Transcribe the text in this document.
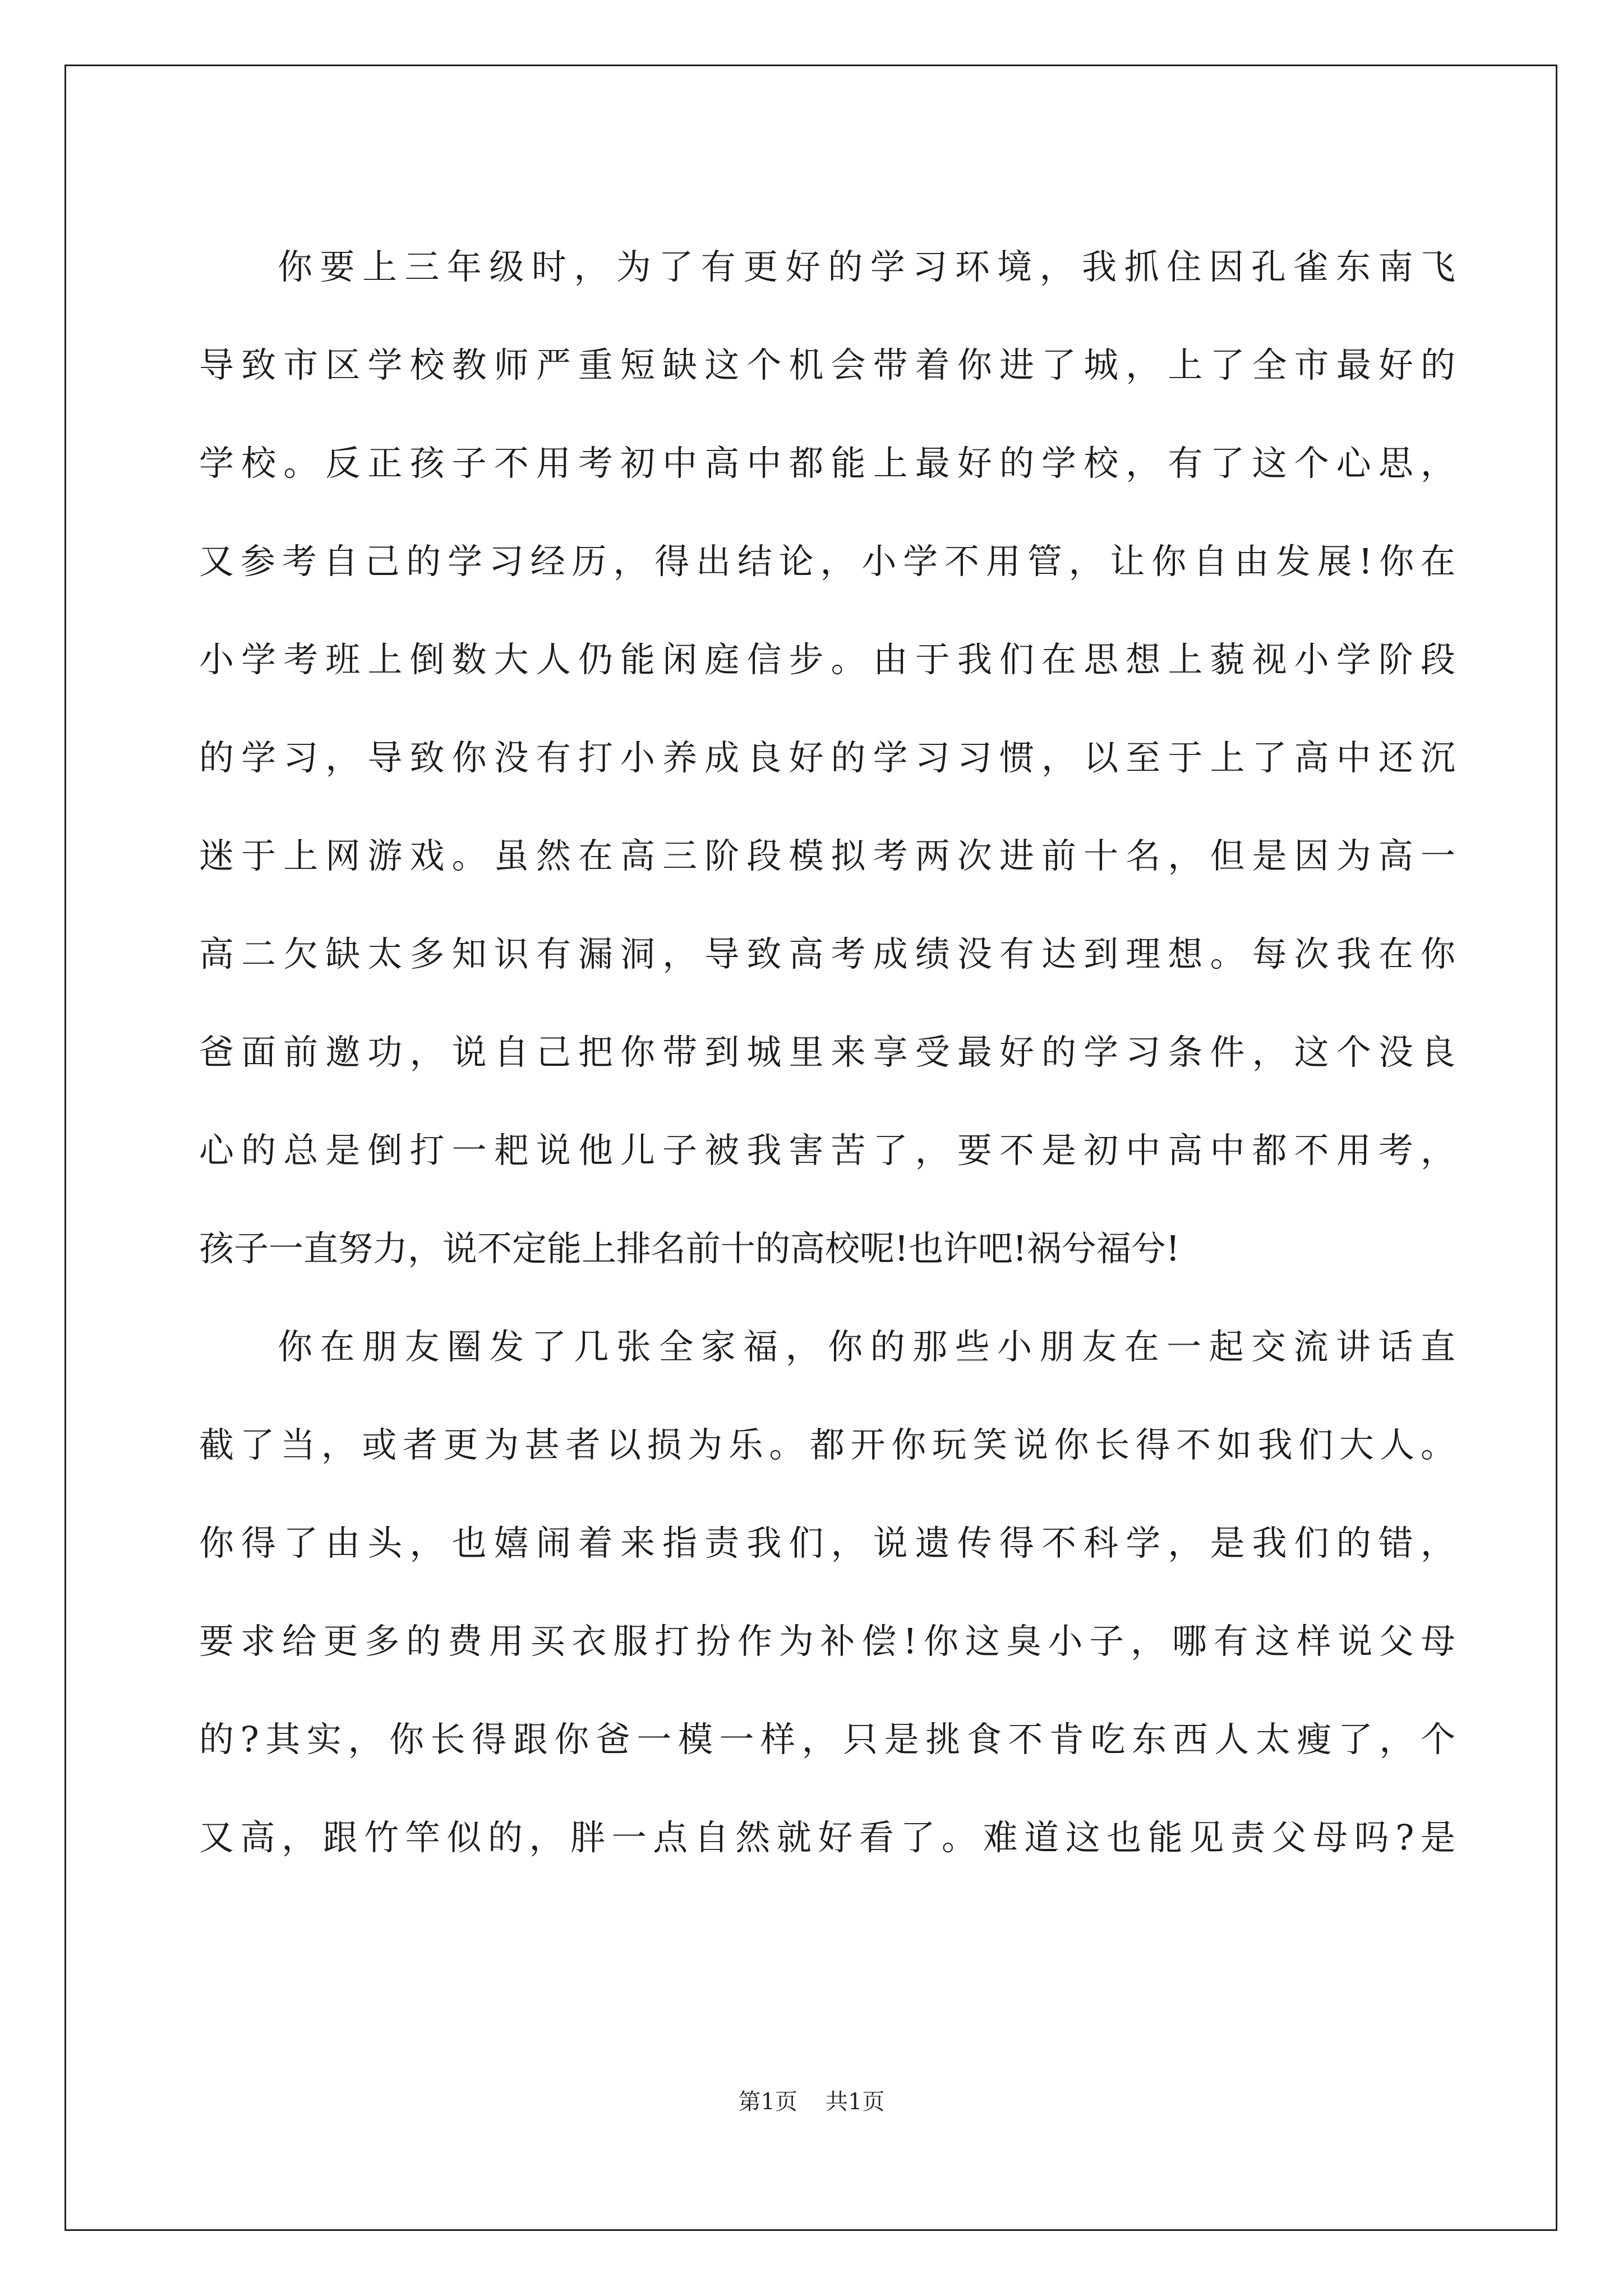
你要上三年级时，为了有更好的学习环境，我抓住因孔雀东南飞
导致市区学校教师严重短缺这个机会带着你进了城，上了全市最好的
学校。反正孩子不用考初中高中都能上最好的学校，有了这个心思，
又参考自己的学习经历，得出结论，小学不用管，让你自由发展!你在
小学考班上倒数大人仍能闲庭信步。由于我们在思想上藐视小学阶段
的学习，导致你没有打小养成良好的学习习惯，以至于上了高中还沉
迷于上网游戏。虽然在高三阶段模拟考两次进前十名，但是因为高一
高二欠缺太多知识有漏洞，导致高考成绩没有达到理想。每次我在你
爸面前邀功，说自己把你带到城里来享受最好的学习条件，这个没良
心的总是倒打一耙说他儿子被我害苦了，要不是初中高中都不用考，
孩子一直努力，说不定能上排名前十的高校呢!也许吧!祸兮福兮!
你在朋友圈发了几张全家福，你的那些小朋友在一起交流讲话直
截了当，或者更为甚者以损为乐。都开你玩笑说你长得不如我们大人。
你得了由头，也嬉闹着来指责我们，说遗传得不科学，是我们的错，
要求给更多的费用买衣服打扮作为补偿!你这臭小子，哪有这样说父母
的?其实，你长得跟你爸一模一样，只是挑食不肯吃东西人太瘦了，个
又高，跟竹竿似的，胖一点自然就好看了。难道这也能见责父母吗?是
第1页 共1页
